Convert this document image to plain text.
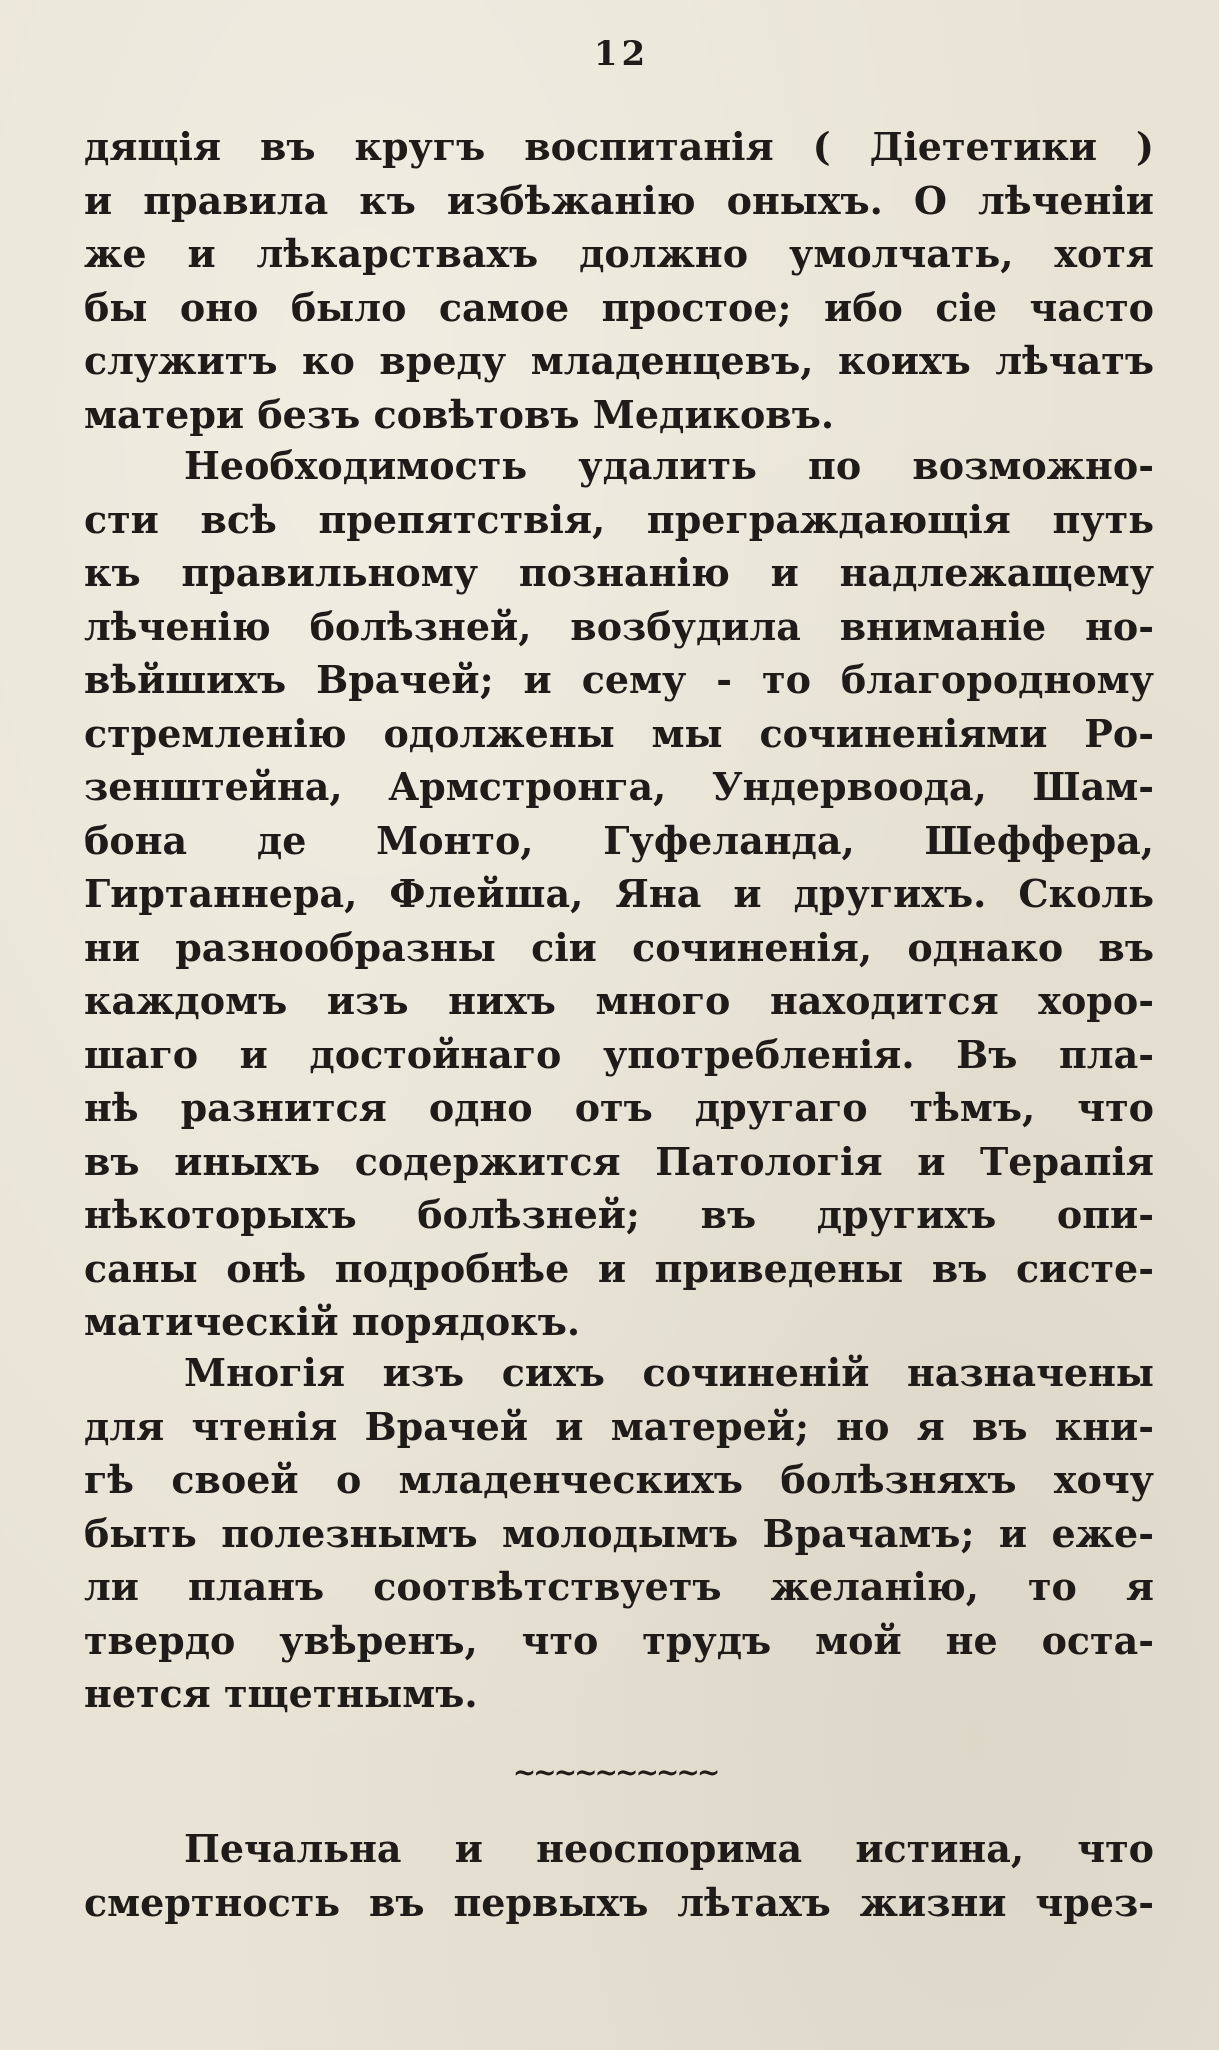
12
дящія въ кругъ воспитанія ( Діететики )
и правила къ избѣжанію оныхъ. О лѣченіи
же и лѣкарствахъ должно умолчать, хотя
бы оно было самое простое; ибо сіе часто
служитъ ко вреду младенцевъ, коихъ лѣчатъ
матери безъ совѣтовъ Медиковъ.
Необходимость удалить по возможно-
сти всѣ препятствія, преграждающія путь
къ правильному познанію и надлежащему
лѣченію болѣзней, возбудила вниманіе но-
вѣйшихъ Врачей; и сему - то благородному
стремленію одолжены мы сочиненіями Ро-
зенштейна, Армстронга, Ундервоода, Шам-
бона де Монто, Гуфеланда, Шеффера,
Гиртаннера, Флейша, Яна и другихъ. Сколь
ни разнообразны сіи сочиненія, однако въ
каждомъ изъ нихъ много находится хоро-
шаго и достойнаго употребленія. Въ пла-
нѣ разнится одно отъ другаго тѣмъ, что
въ иныхъ содержится Патологія и Терапія
нѣкоторыхъ болѣзней; въ другихъ опи-
саны онѣ подробнѣе и приведены въ систе-
матическій порядокъ.
Многія изъ сихъ сочиненій назначены
для чтенія Врачей и матерей; но я въ кни-
гѣ своей о младенческихъ болѣзняхъ хочу
быть полезнымъ молодымъ Врачамъ; и еже-
ли планъ соотвѣтствуетъ желанію, то я
твердо увѣренъ, что трудъ мой не оста-
нется тщетнымъ.
~~~~~~~~~~
Печальна и неоспорима истина, что
смертность въ первыхъ лѣтахъ жизни чрез-
